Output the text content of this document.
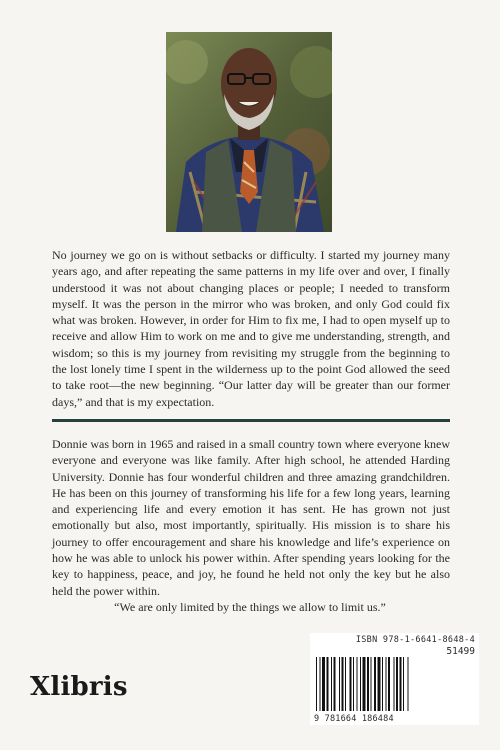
No journey we go on is without setbacks or difficulty. I started my journey many years ago, and after repeating the same patterns in my life over and over, I finally understood it was not about changing places or people; I needed to transform myself. It was the person in the mirror who was broken, and only God could fix what was broken. However, in order for Him to fix me, I had to open myself up to receive and allow Him to work on me and to give me understanding, strength, and wisdom; so this is my journey from revisiting my struggle from the beginning to the lost lonely time I spent in the wilderness up to the point God allowed the seed to take root—the new beginning. “Our latter day will be greater than our former days,” and that is my expectation.

Donnie was born in 1965 and raised in a small country town where everyone knew everyone and everyone was like family. After high school, he attended Harding University. Donnie has four wonderful children and three amazing grandchildren. He has been on this journey of transforming his life for a few long years, learning and experiencing life and every emotion it has sent. He has grown not just emotionally but also, most importantly, spiritually. His mission is to share his journey to offer encouragement and share his knowledge and life’s experience on how he was able to unlock his power within. After spending years looking for the key to happiness, peace, and joy, he found he held not only the key but he also held the power within.

“We are only limited by the things we allow to limit us.”
Xlibris
ISBN 978-1-6641-8648-4
51499
9 781664 186484
